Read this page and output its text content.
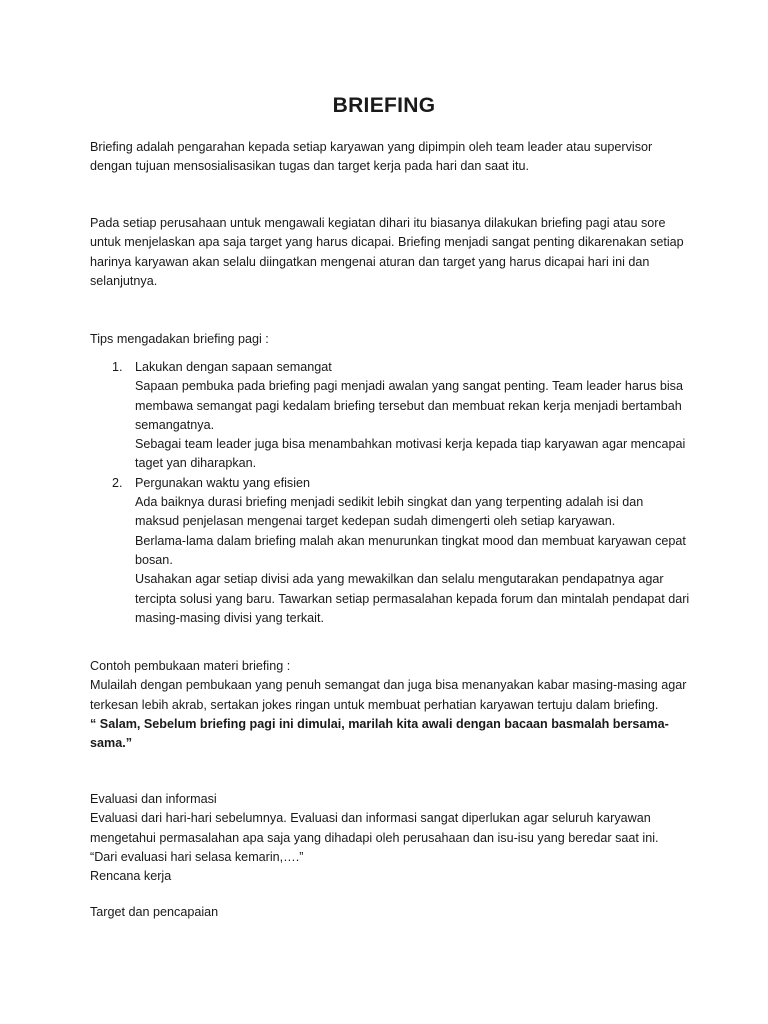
BRIEFING

Briefing adalah pengarahan kepada setiap karyawan yang dipimpin oleh team leader atau supervisor dengan tujuan mensosialisasikan tugas dan target kerja pada hari dan saat itu.

Pada setiap perusahaan untuk mengawali kegiatan dihari itu biasanya dilakukan briefing pagi atau sore untuk menjelaskan apa saja target yang harus dicapai. Briefing menjadi sangat penting dikarenakan setiap harinya karyawan akan selalu diingatkan mengenai aturan dan target yang harus dicapai hari ini dan selanjutnya.

Tips mengadakan briefing pagi :

1. Lakukan dengan sapaan semangat

Sapaan pembuka pada briefing pagi menjadi awalan yang sangat penting. Team leader harus bisa membawa semangat pagi kedalam briefing tersebut dan membuat rekan kerja menjadi bertambah semangatnya.

Sebagai team leader juga bisa menambahkan motivasi kerja kepada tiap karyawan agar mencapai taget yan diharapkan.

2. Pergunakan waktu yang efisien

Ada baiknya durasi briefing menjadi sedikit lebih singkat dan yang terpenting adalah isi dan maksud penjelasan mengenai target kedepan sudah dimengerti oleh setiap karyawan.

Berlama-lama dalam briefing malah akan menurunkan tingkat mood dan membuat karyawan cepat bosan.

Usahakan agar setiap divisi ada yang mewakilkan dan selalu mengutarakan pendapatnya agar tercipta solusi yang baru. Tawarkan setiap permasalahan kepada forum dan mintalah pendapat dari masing-masing divisi yang terkait.

Contoh pembukaan materi briefing :

Mulailah dengan pembukaan yang penuh semangat dan juga bisa menanyakan kabar masing-masing agar terkesan lebih akrab, sertakan jokes ringan untuk membuat perhatian karyawan tertuju dalam briefing.

“ Salam, Sebelum briefing pagi ini dimulai, marilah kita awali dengan bacaan basmalah bersama-sama.”

Evaluasi dan informasi

Evaluasi dari hari-hari sebelumnya. Evaluasi dan informasi sangat diperlukan agar seluruh karyawan mengetahui permasalahan apa saja yang dihadapi oleh perusahaan dan isu-isu yang beredar saat ini.

“Dari evaluasi hari selasa kemarin,….”

Rencana kerja

Target dan pencapaian
